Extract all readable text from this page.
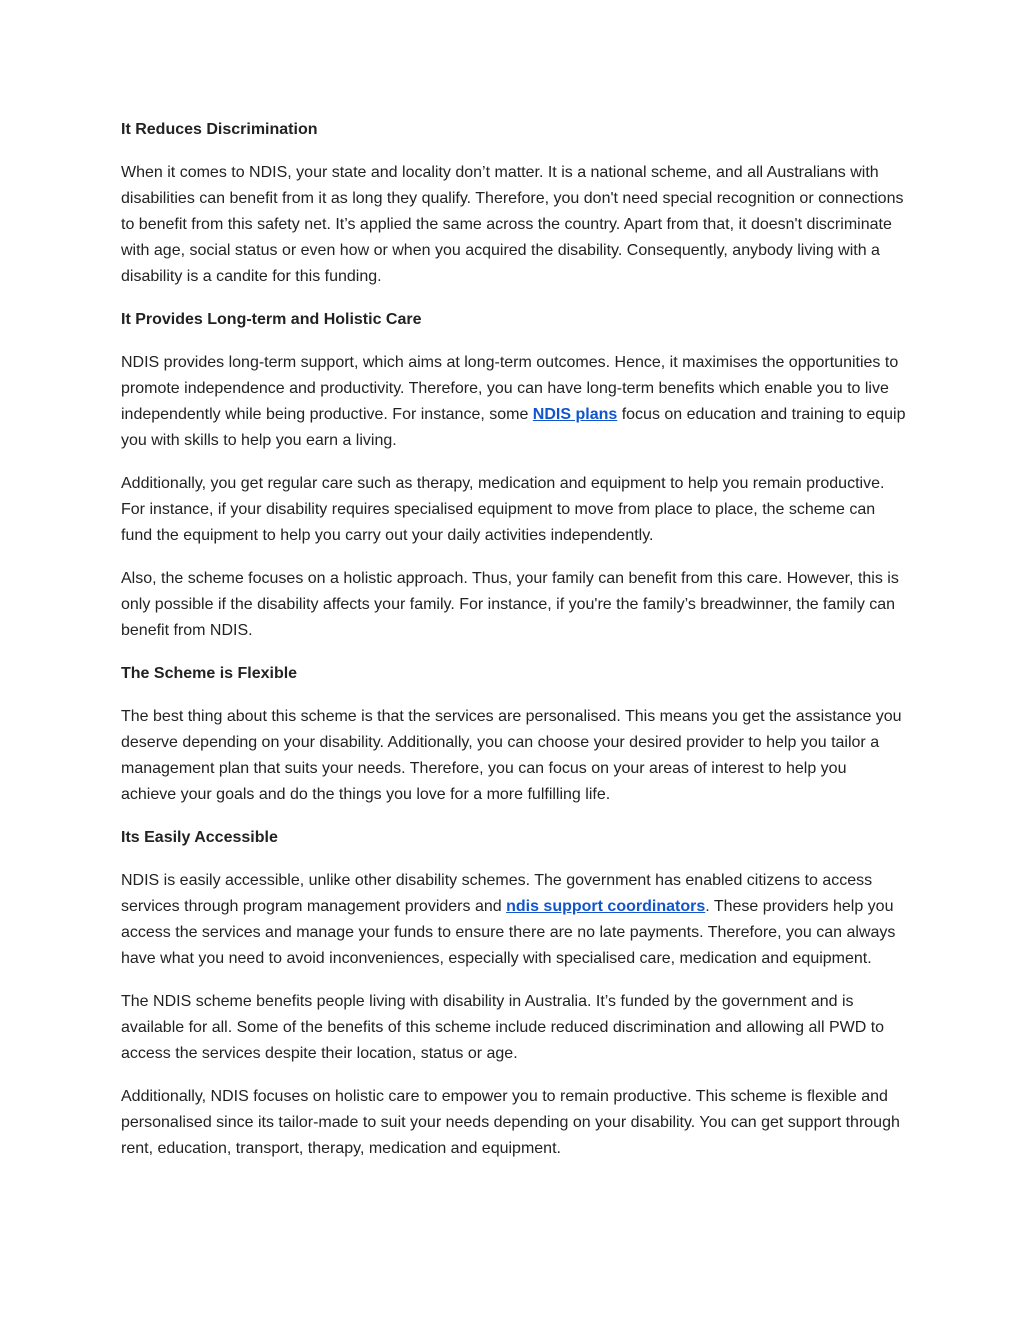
It Reduces Discrimination

When it comes to NDIS, your state and locality don’t matter. It is a national scheme, and all Australians with disabilities can benefit from it as long they qualify. Therefore, you don't need special recognition or connections to benefit from this safety net. It’s applied the same across the country. Apart from that, it doesn't discriminate with age, social status or even how or when you acquired the disability. Consequently, anybody living with a disability is a candite for this funding.

It Provides Long-term and Holistic Care

NDIS provides long-term support, which aims at long-term outcomes. Hence, it maximises the opportunities to promote independence and productivity. Therefore, you can have long-term benefits which enable you to live independently while being productive. For instance, some NDIS plans focus on education and training to equip you with skills to help you earn a living.

Additionally, you get regular care such as therapy, medication and equipment to help you remain productive. For instance, if your disability requires specialised equipment to move from place to place, the scheme can fund the equipment to help you carry out your daily activities independently.

Also, the scheme focuses on a holistic approach. Thus, your family can benefit from this care. However, this is only possible if the disability affects your family. For instance, if you're the family’s breadwinner, the family can benefit from NDIS.

The Scheme is Flexible

The best thing about this scheme is that the services are personalised. This means you get the assistance you deserve depending on your disability. Additionally, you can choose your desired provider to help you tailor a management plan that suits your needs. Therefore, you can focus on your areas of interest to help you achieve your goals and do the things you love for a more fulfilling life.

Its Easily Accessible

NDIS is easily accessible, unlike other disability schemes. The government has enabled citizens to access services through program management providers and ndis support coordinators. These providers help you access the services and manage your funds to ensure there are no late payments. Therefore, you can always have what you need to avoid inconveniences, especially with specialised care, medication and equipment.

The NDIS scheme benefits people living with disability in Australia. It’s funded by the government and is available for all. Some of the benefits of this scheme include reduced discrimination and allowing all PWD to access the services despite their location, status or age.

Additionally, NDIS focuses on holistic care to empower you to remain productive. This scheme is flexible and personalised since its tailor-made to suit your needs depending on your disability. You can get support through rent, education, transport, therapy, medication and equipment.
